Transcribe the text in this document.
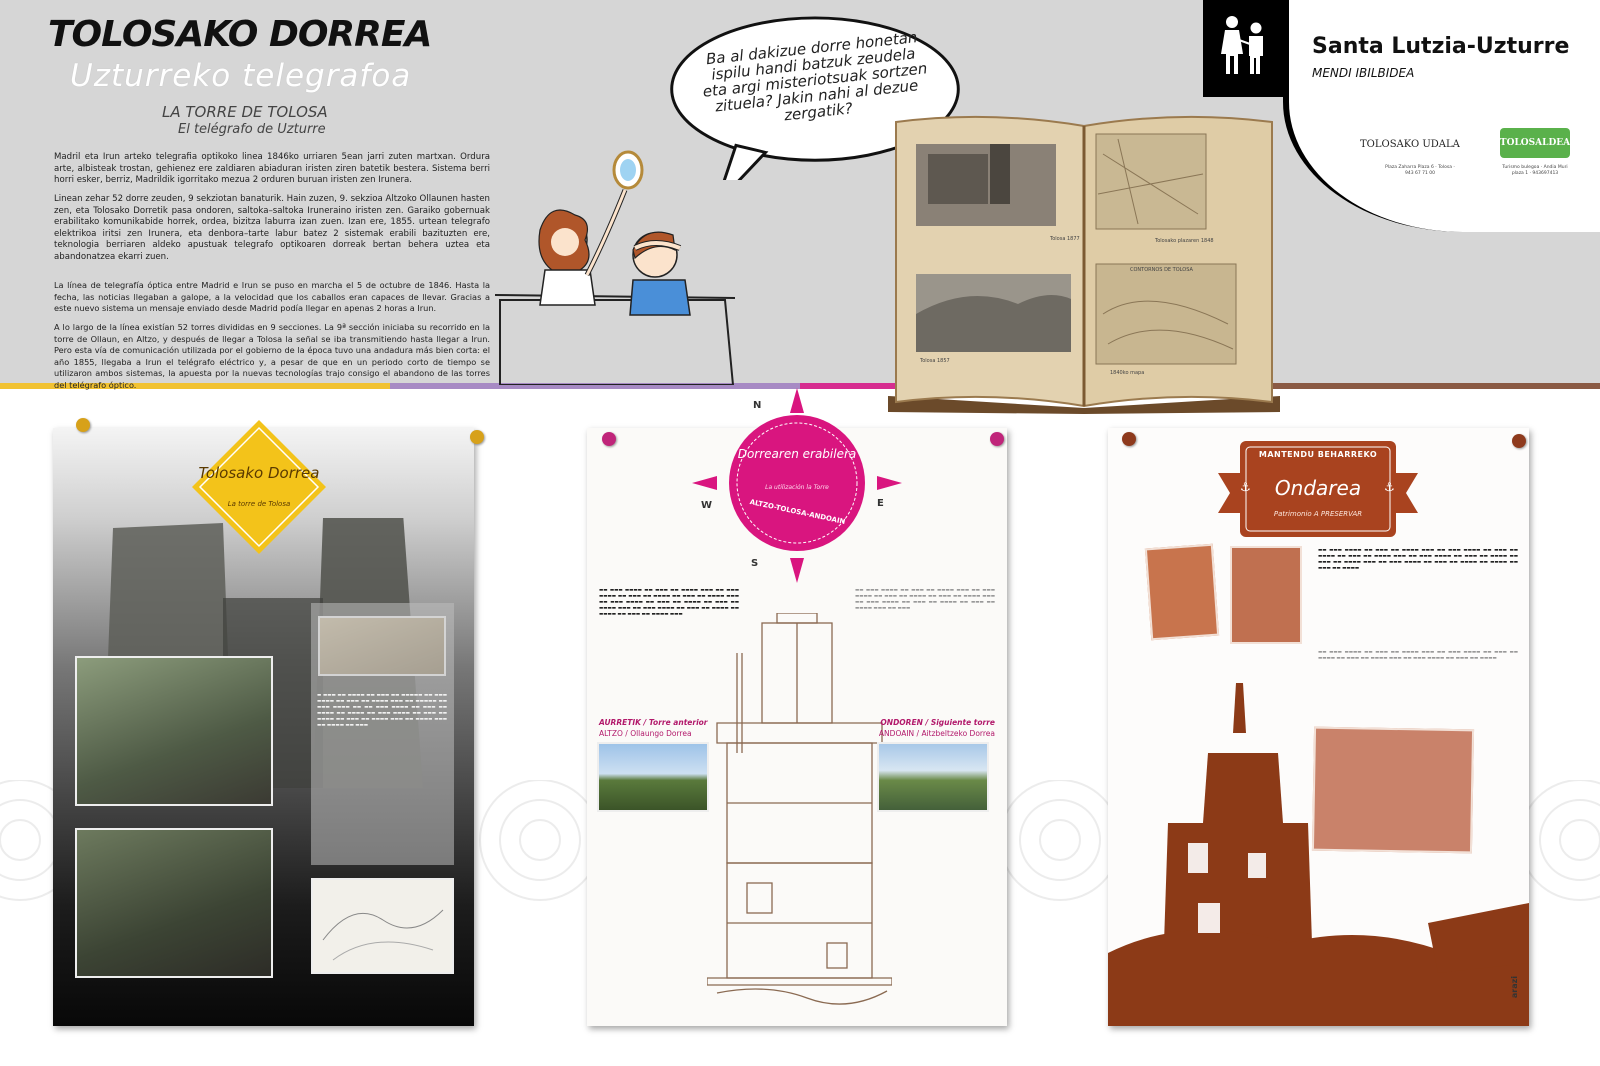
TOLOSAKO DORREA
Uzturreko telegrafoa
LA TORRE DE TOLOSA
El telégrafo de Uzturre

Madril eta Irun arteko telegrafia optikoko linea 1846ko urriaren 5ean jarri zuten martxan. Ordura arte, albisteak trostan, gehienez ere zaldiaren abiaduran iristen ziren batetik bestera. Sistema berri horri esker, berriz, Madrildik igorritako mezua 2 orduren buruan iristen zen Irunera.

Linean zehar 52 dorre zeuden, 9 sekziotan banaturik. Hain zuzen, 9. sekzioa Altzoko Ollaunen hasten zen, eta Tolosako Dorretik pasa ondoren, saltoka–saltoka Irunerainо iristen zen. Garaiko gobernuak erabilitako komunikabide horrek, ordea, bizitza laburra izan zuen. Izan ere, 1855. urtean telegrafo elektrikoa iritsi zen Irunera, eta denbora–tarte labur batez 2 sistemak erabili bazituzten ere, teknologia berriaren aldeko apustuak telegrafo optikoaren dorreak bertan behera uztea eta abandonatzea ekarri zuen.

La línea de telegrafía óptica entre Madrid e Irun se puso en marcha el 5 de octubre de 1846. Hasta la fecha, las noticias llegaban a galope, a la velocidad que los caballos eran capaces de llevar. Gracias a este nuevo sistema un mensaje enviado desde Madrid podía llegar en apenas 2 horas a Irun.

A lo largo de la línea existían 52 torres divididas en 9 secciones. La 9ª sección iniciaba su recorrido en la torre de Ollaun, en Altzo, y después de llegar a Tolosa la señal se iba transmitiendo hasta llegar a Irun. Pero esta vía de comunicación utilizada por el gobierno de la época tuvo una andadura más bien corta: el año 1855, llegaba a Irun el telégrafo eléctrico y, a pesar de que en un periodo corto de tiempo se utilizaron ambos sistemas, la apuesta por la nuevas tecnologías trajo consigo el abandono de las torres del telégrafo óptico.

Ba al dakizue dorre honetan ispilu handi batzuk zeudela eta argi misteriotsuak sortzen zituela? Jakin nahi al dezue zergatik?
Tolosa 1877	Tolosako plazaren 1848
Tolosa 1857
1840ko mapa
CONTORNOS DE TOLOSA
Santa Lutzia-Uzturre
MENDI IBILBIDEA
TOLOSAKO UDALA
Plaza Zaharra Plaza 6 · Tolosa · 943 67 71 00
TOLOSALDEA
Turismo bulegoa · Andia Muri plaza 1 · 943697413
Tolosako Dorrea
La torre de Tolosa
▬ ▬▬▬ ▬▬ ▬▬▬▬ ▬▬ ▬▬▬ ▬▬ ▬▬▬▬▬ ▬▬ ▬▬▬ ▬▬▬▬ ▬▬ ▬▬▬ ▬▬ ▬▬▬▬ ▬▬▬ ▬▬ ▬▬▬▬▬ ▬▬ ▬▬▬ ▬▬▬▬ ▬▬ ▬▬ ▬▬▬ ▬▬▬▬ ▬▬ ▬▬▬ ▬▬ ▬▬▬▬ ▬▬ ▬▬▬▬ ▬▬ ▬▬▬ ▬▬▬▬ ▬▬ ▬▬▬ ▬▬ ▬▬▬▬ ▬▬ ▬▬▬ ▬▬ ▬▬▬▬ ▬▬▬ ▬▬ ▬▬▬▬ ▬▬▬ ▬▬ ▬▬▬▬ ▬▬ ▬▬▬
N
S
W	E
Dorrearen erabilera
La utilización la Torre
ALTZO-TOLOSA-ANDOAIN
▬▬ ▬▬▬ ▬▬▬▬ ▬▬ ▬▬▬ ▬▬ ▬▬▬▬ ▬▬▬ ▬▬ ▬▬▬ ▬▬▬▬ ▬▬ ▬▬▬ ▬▬ ▬▬▬▬ ▬▬ ▬▬▬ ▬▬ ▬▬▬▬ ▬▬▬ ▬▬ ▬▬▬ ▬▬▬▬ ▬▬ ▬▬▬ ▬▬ ▬▬▬▬ ▬▬ ▬▬▬ ▬▬ ▬▬▬▬ ▬▬▬ ▬▬ ▬▬▬ ▬▬▬▬ ▬▬ ▬▬▬ ▬▬ ▬▬▬▬ ▬▬ ▬▬▬▬ ▬▬ ▬▬▬ ▬▬ ▬▬▬▬ ▬▬▬
▬▬ ▬▬▬ ▬▬▬▬ ▬▬ ▬▬▬ ▬▬ ▬▬▬▬ ▬▬▬ ▬▬ ▬▬▬ ▬▬▬▬ ▬▬ ▬▬▬ ▬▬ ▬▬▬▬ ▬▬ ▬▬▬ ▬▬ ▬▬▬▬ ▬▬▬ ▬▬ ▬▬▬ ▬▬▬▬ ▬▬ ▬▬▬ ▬▬ ▬▬▬▬ ▬▬ ▬▬▬ ▬▬ ▬▬▬▬ ▬▬▬ ▬▬ ▬▬▬
AURRETIK / Torre anterior
ALTZO / Ollaungo Dorrea
ONDOREN / Siguiente torre
ANDOAIN / Aitzbeltzeko Dorrea
MANTENDU BEHARREKO
Ondarea
Patrimonio A PRESERVAR
⚓	⚓
▬▬ ▬▬▬ ▬▬▬▬ ▬▬ ▬▬▬ ▬▬ ▬▬▬▬ ▬▬▬ ▬▬ ▬▬▬ ▬▬▬▬ ▬▬ ▬▬▬ ▬▬ ▬▬▬▬ ▬▬ ▬▬▬ ▬▬ ▬▬▬▬ ▬▬▬ ▬▬ ▬▬▬ ▬▬▬▬ ▬▬ ▬▬▬ ▬▬ ▬▬▬▬ ▬▬ ▬▬▬ ▬▬ ▬▬▬▬ ▬▬▬ ▬▬ ▬▬▬ ▬▬▬▬ ▬▬ ▬▬▬ ▬▬ ▬▬▬▬ ▬▬ ▬▬▬▬ ▬▬ ▬▬▬ ▬▬ ▬▬▬▬
▬▬ ▬▬▬ ▬▬▬▬ ▬▬ ▬▬▬ ▬▬ ▬▬▬▬ ▬▬▬ ▬▬ ▬▬▬ ▬▬▬▬ ▬▬ ▬▬▬ ▬▬ ▬▬▬▬ ▬▬ ▬▬▬ ▬▬ ▬▬▬▬ ▬▬▬ ▬▬ ▬▬▬ ▬▬▬▬ ▬▬ ▬▬▬ ▬▬ ▬▬▬▬
arazi
